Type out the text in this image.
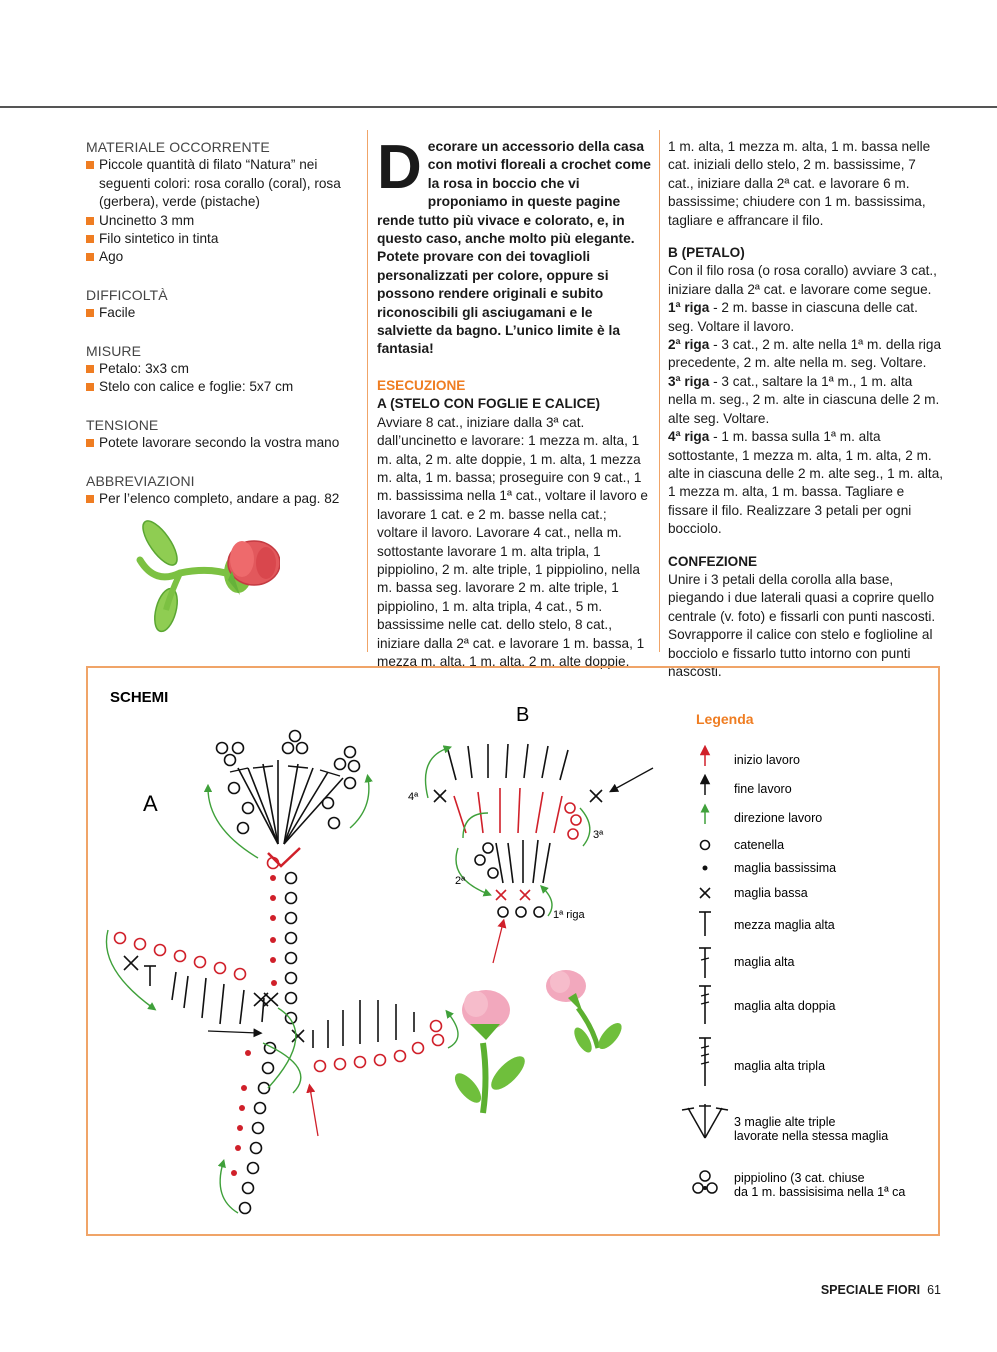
MATERIALE OCCORRENTE

Piccole quantità di filato “Natura” nei seguenti colori: rosa corallo (coral), rosa (gerbera), verde (pistache)
Uncinetto 3 mm
Filo sintetico in tinta
Ago

DIFFICOLTÀ

Facile

MISURE

Petalo: 3x3 cm
Stelo con calice e foglie: 5x7 cm

TENSIONE

Potete lavorare secondo la vostra mano

ABBREVIAZIONI

Per l’elenco completo, andare a pag. 82

Decorare un accessorio della casa con motivi floreali a crochet come la rosa in boccio che vi proponiamo in queste pagine rende tutto più vivace e colorato, e, in questo caso, anche molto più elegante. Potete provare con dei tovaglioli personalizzati per colore, oppure si possono rendere originali e subito riconoscibili gli asciugamani e le salviette da bagno. L’unico limite è la fantasia!

ESECUZIONE

A (STELO CON FOGLIE E CALICE)

Avviare 8 cat., iniziare dalla 3ª cat. dall’uncinetto e lavorare: 1 mezza m. alta, 1 m. alta, 2 m. alte doppie, 1 m. alta, 1 mezza m. alta, 1 m. bassa; proseguire con 9 cat., 1 m. bassissima nella 1ª cat., voltare il lavoro e lavorare 1 cat. e 2 m. basse nella cat.; voltare il lavoro. Lavorare 4 cat., nella m. sottostante lavorare 1 m. alta tripla, 1 pippiolino, 2 m. alte triple, 1 pippiolino, nella m. bassa seg. lavorare 2 m. alte triple, 1 pippiolino, 1 m. alta tripla, 4 cat., 5 m. bassissime nelle cat. dello stelo, 8 cat., iniziare dalla 2ª cat. e lavorare 1 m. bassa, 1 mezza m. alta, 1 m. alta, 2 m. alte doppie,

1 m. alta, 1 mezza m. alta, 1 m. bassa nelle cat. iniziali dello stelo, 2 m. bassissime, 7 cat., iniziare dalla 2ª cat. e lavorare 6 m. bassissime; chiudere con 1 m. bassissima, tagliare e affrancare il filo.

B (PETALO)

Con il filo rosa (o rosa corallo) avviare 3 cat., iniziare dalla 2ª cat. e lavorare come segue.

1ª riga - 2 m. basse in ciascuna delle cat. seg. Voltare il lavoro.

2ª riga - 3 cat., 2 m. alte nella 1ª m. della riga precedente, 2 m. alte nella m. seg. Voltare.

3ª riga - 3 cat., saltare la 1ª m., 1 m. alta nella m. seg., 2 m. alte in ciascuna delle 2 m. alte seg. Voltare.

4ª riga - 1 m. bassa sulla 1ª m. alta sottostante, 1 mezza m. alta, 1 m. alta, 2 m. alte in ciascuna delle 2 m. alte seg., 1 m. alta, 1 mezza m. alta, 1 m. bassa. Tagliare e fissare il filo. Realizzare 3 petali per ogni bocciolo.

CONFEZIONE

Unire i 3 petali della corolla alla base, piegando i due laterali quasi a coprire quello centrale (v. foto) e fissarli con punti nascosti. Sovrapporre il calice con stelo e foglioline al bocciolo e fissarlo tutto intorno con punti nascosti.

SCHEMI
A
B
4ª
3ª
2ª
1ª riga
Legenda
inizio lavoro
fine lavoro
direzione lavoro
catenella
maglia bassissima
maglia bassa
mezza maglia alta
maglia alta
maglia alta doppia
maglia alta tripla
3 maglie alte triple
lavorate nella stessa maglia
pippiolino (3 cat. chiuse
da 1 m. bassisisima nella 1ª ca
SPECIALE FIORI 61
